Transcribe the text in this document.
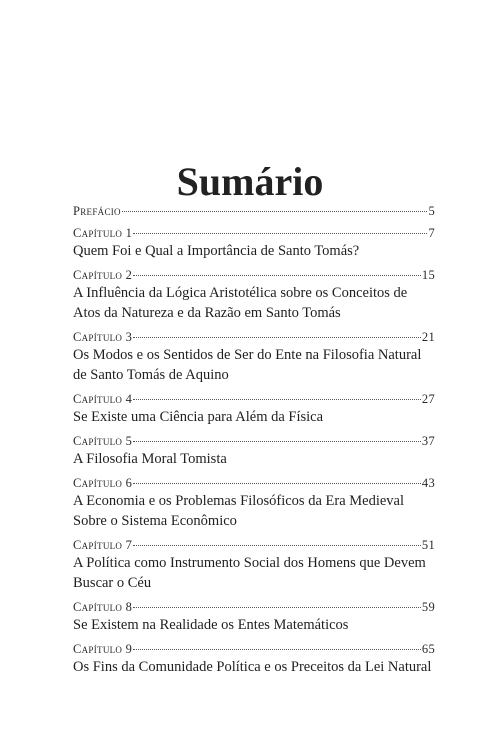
Sumário
Prefácio	5
Capítulo 1	7
Quem Foi e Qual a Importância de Santo Tomás?
Capítulo 2	15
A Influência da Lógica Aristotélica sobre os Conceitos de Atos da Natureza e da Razão em Santo Tomás
Capítulo 3	21
Os Modos e os Sentidos de Ser do Ente na Filosofia Natural de Santo Tomás de Aquino
Capítulo 4	27
Se Existe uma Ciência para Além da Física
Capítulo 5	37
A Filosofia Moral Tomista
Capítulo 6	43
A Economia e os Problemas Filosóficos da Era Medieval Sobre o Sistema Econômico
Capítulo 7	51
A Política como Instrumento Social dos Homens que Devem Buscar o Céu
Capítulo 8	59
Se Existem na Realidade os Entes Matemáticos
Capítulo 9	65
Os Fins da Comunidade Política e os Preceitos da Lei Natural
